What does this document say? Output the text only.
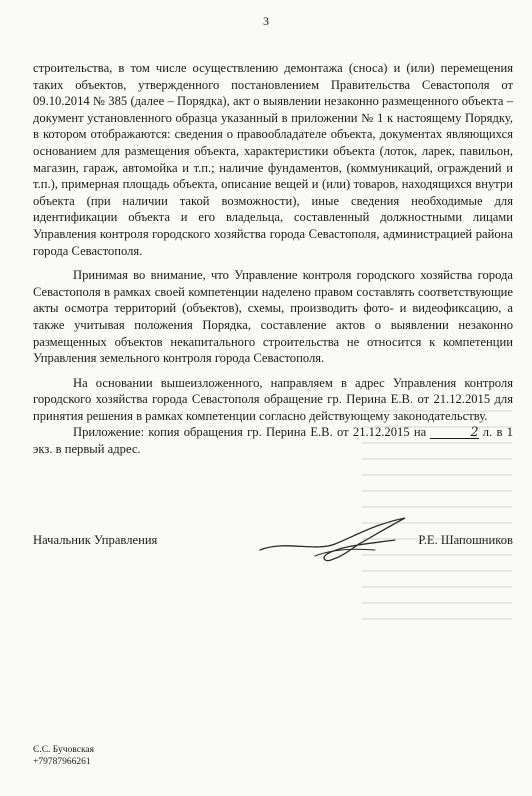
3

строительства, в том числе осуществлению демонтажа (сноса) и (или) перемещения таких объектов, утвержденного постановлением Правительства Севастополя от 09.10.2014 № 385 (далее – Порядка), акт о выявлении незаконно размещенного объекта – документ установленного образца указанный в приложении № 1 к настоящему Порядку, в котором отображаются: сведения о правообладателе объекта, документах являющихся основанием для размещения объекта, характеристики объекта (лоток, ларек, павильон, магазин, гараж, автомойка и т.п.; наличие фундаментов, (коммуникаций, ограждений и т.п.), примерная площадь объекта, описание вещей и (или) товаров, находящихся внутри объекта (при наличии такой возможности), иные сведения необходимые для идентификации объекта и его владельца, составленный должностными лицами Управления контроля городского хозяйства города Севастополя, администрацией района города Севастополя.

Принимая во внимание, что Управление контроля городского хозяйства города Севастополя в рамках своей компетенции наделено правом составлять соответствующие акты осмотра территорий (объектов), схемы, производить фото- и видеофиксацию, а также учитывая положения Порядка, составление актов о выявлении незаконно размещенных объектов некапитального строительства не относится к компетенции Управления земельного контроля города Севастополя.

На основании вышеизложенного, направляем в адрес Управления контроля городского хозяйства города Севастополя обращение гр. Перина Е.В. от 21.12.2015 для принятия решения в рамках компетенции согласно действующему законодательству.

Приложение: копия обращения гр. Перина Е.В. от 21.12.2015 на	2 л. в 1 экз. в первый адрес.

Начальник Управления	Р.Е. Шапошников
С.С. Бучовская
+79787966261
